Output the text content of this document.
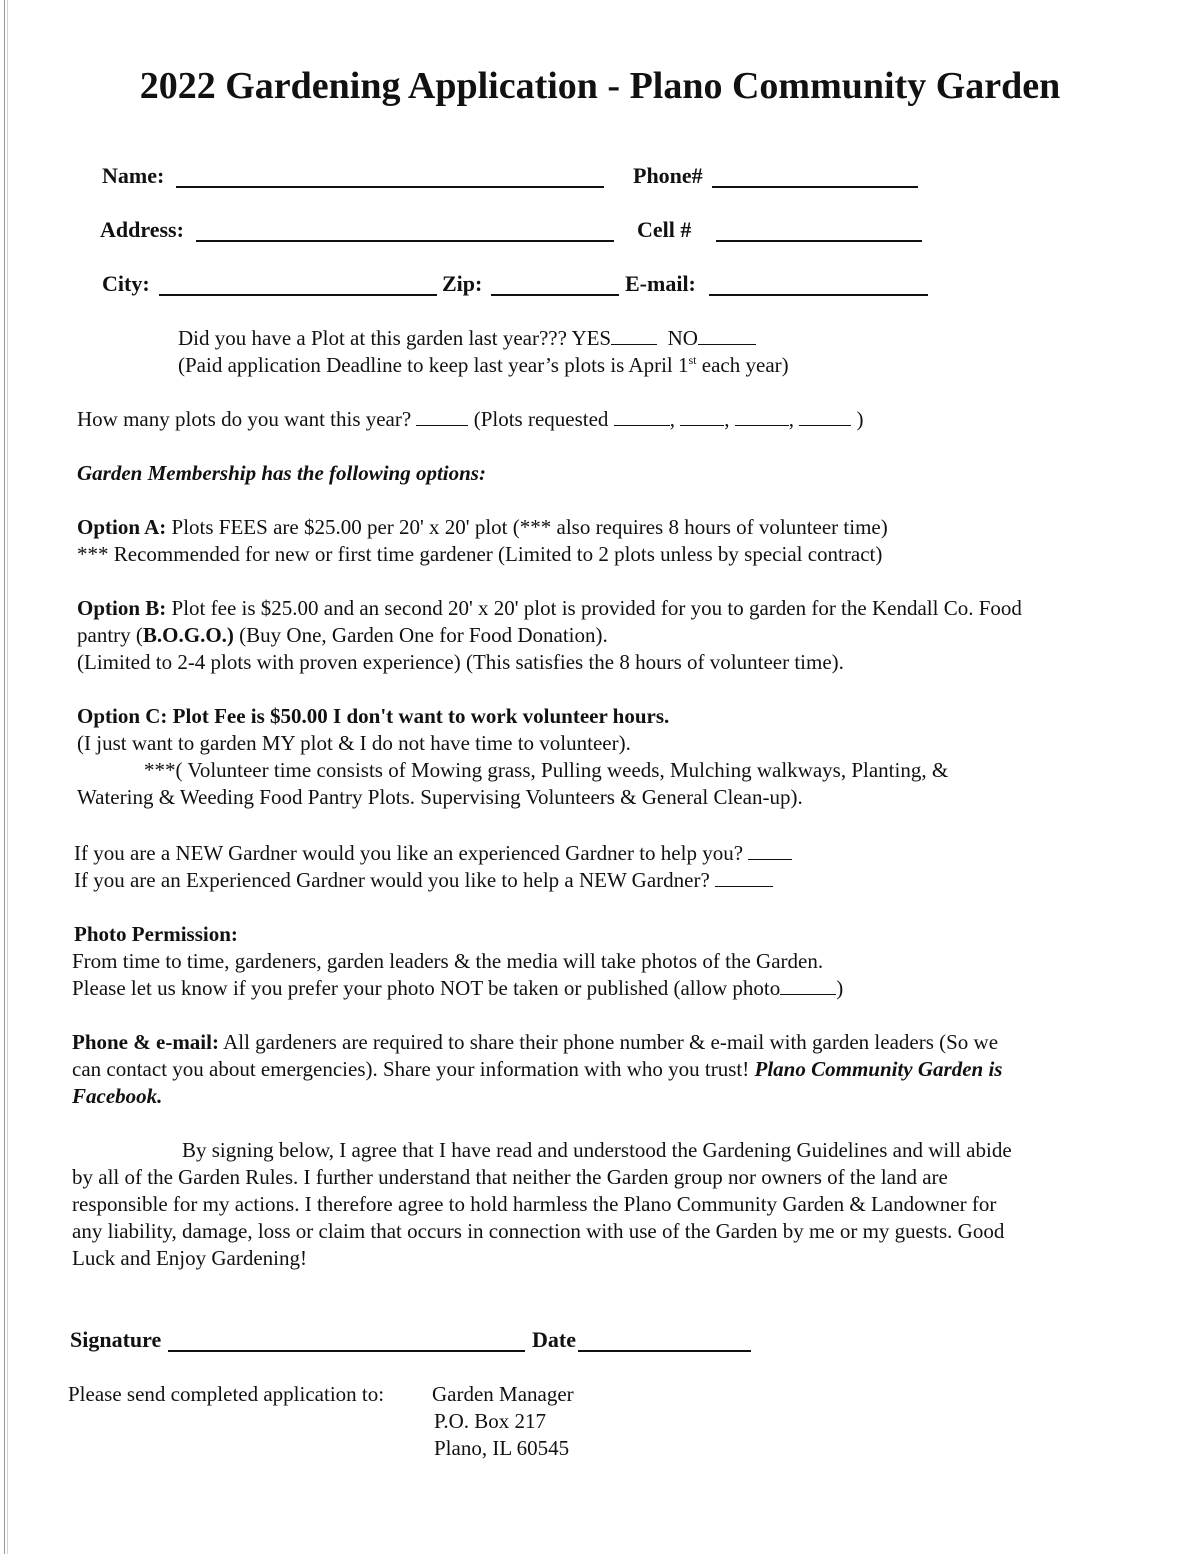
2022 Gardening Application - Plano Community Garden
Name:	Phone#
Address:	Cell #
City:	Zip:	E-mail:
Did you have a Plot at this garden last year??? YES	NO
(Paid application Deadline to keep last year’s plots is April 1st each year)
How many plots do you want this year?	(Plots requested	, ,	,	)
Garden Membership has the following options:
Option A: Plots FEES are $25.00 per 20' x 20' plot (*** also requires 8 hours of volunteer time)
*** Recommended for new or first time gardener (Limited to 2 plots unless by special contract)
Option B: Plot fee is $25.00 and an second 20' x 20' plot is provided for you to garden for the Kendall Co. Food
pantry (B.O.G.O.) (Buy One, Garden One for Food Donation).
(Limited to 2-4 plots with proven experience) (This satisfies the 8 hours of volunteer time).
Option C: Plot Fee is $50.00 I don't want to work volunteer hours.
(I just want to garden MY plot & I do not have time to volunteer).
***( Volunteer time consists of Mowing grass, Pulling weeds, Mulching walkways, Planting, &
Watering & Weeding Food Pantry Plots. Supervising Volunteers & General Clean-up).
If you are a NEW Gardner would you like an experienced Gardner to help you?
If you are an Experienced Gardner would you like to help a NEW Gardner?
Photo Permission:
From time to time, gardeners, garden leaders & the media will take photos of the Garden.
Please let us know if you prefer your photo NOT be taken or published (allow photo	)
Phone & e-mail: All gardeners are required to share their phone number & e-mail with garden leaders (So we
can contact you about emergencies). Share your information with who you trust! Plano Community Garden is
Facebook.
By signing below, I agree that I have read and understood the Gardening Guidelines and will abide
by all of the Garden Rules. I further understand that neither the Garden group nor owners of the land are
responsible for my actions. I therefore agree to hold harmless the Plano Community Garden & Landowner for
any liability, damage, loss or claim that occurs in connection with use of the Garden by me or my guests. Good
Luck and Enjoy Gardening!
Signature	Date
Please send completed application to: Garden Manager
P.O. Box 217
Plano, IL 60545
